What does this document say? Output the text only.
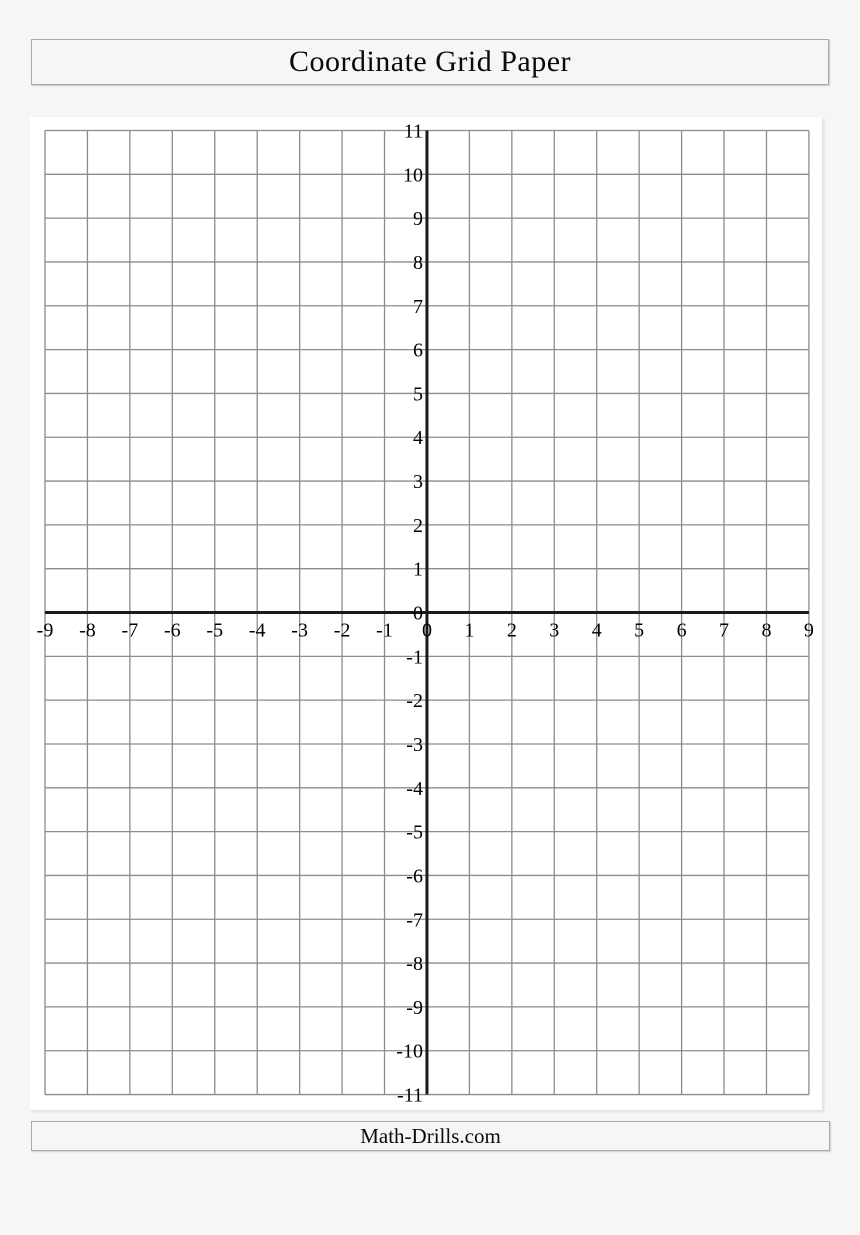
Coordinate Grid Paper
11
10
9
8
7
6
5
4
3
2
1
0
-1
-2
-3
-4
-5
-6
-7
-8
-9
-10
-11
-9 -8 -7 -6 -5 -4 -3 -2 -1 0 1 2 3 4 5 6 7 8 9
Math-Drills.com
